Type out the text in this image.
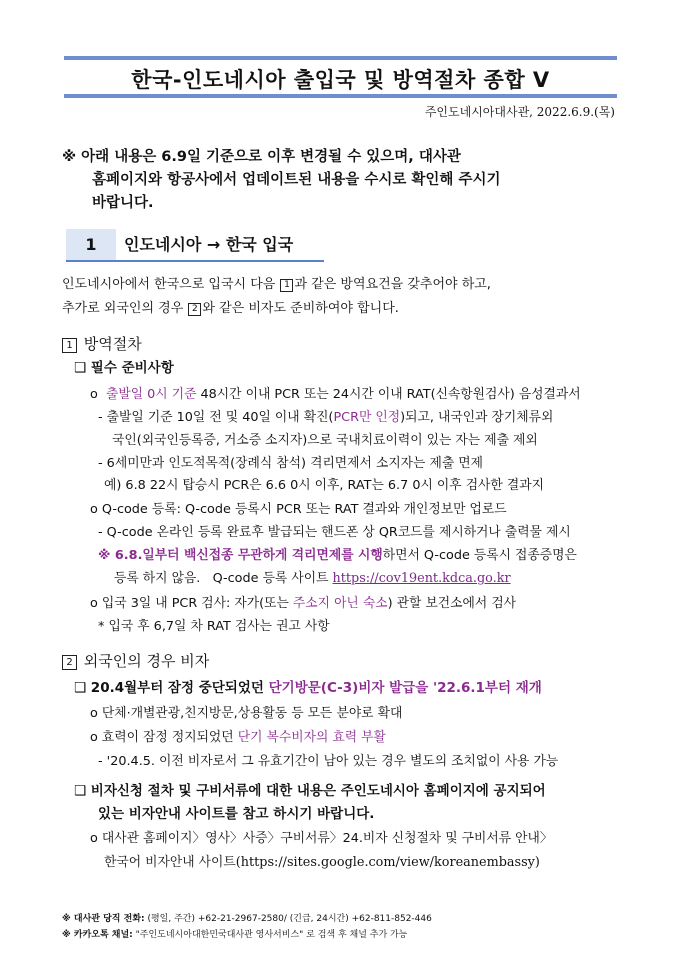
한국-인도네시아 출입국 및 방역절차 종합 V
주인도네시아대사관, 2022.6.9.(목)
※ 아래 내용은 6.9일 기준으로 이후 변경될 수 있으며, 대사관
홈페이지와 항공사에서 업데이트된 내용을 수시로 확인해 주시기
바랍니다.
1	인도네시아 → 한국 입국
인도네시아에서 한국으로 입국시 다음 1 과 같은 방역요건을 갖추어야 하고,
추가로 외국인의 경우 2 와 같은 비자도 준비하여야 합니다.
1 방역절차
❑ 필수 준비사항
o 출발일 0시 기준 48시간 이내 PCR 또는 24시간 이내 RAT(신속항원검사) 음성결과서
- 출발일 기준 10일 전 및 40일 이내 확진(PCR만 인정)되고, 내국인과 장기체류외
국인(외국인등록증, 거소증 소지자)으로 국내치료이력이 있는 자는 제출 제외
- 6세미만과 인도적목적(장례식 참석) 격리면제서 소지자는 제출 면제
예) 6.8 22시 탑승시 PCR은 6.6 0시 이후, RAT는 6.7 0시 이후 검사한 결과지
o Q-code 등록: Q-code 등록시 PCR 또는 RAT 결과와 개인정보만 업로드
- Q-code 온라인 등록 완료후 발급되는 핸드폰 상 QR코드를 제시하거나 출력물 제시
※ 6.8.일부터 백신접종 무관하게 격리면제를 시행하면서 Q-code 등록시 접종증명은
등록 하지 않음. Q-code 등록 사이트 https://cov19ent.kdca.go.kr
o 입국 3일 내 PCR 검사: 자가(또는 주소지 아닌 숙소) 관할 보건소에서 검사
* 입국 후 6,7일 차 RAT 검사는 권고 사항
2 외국인의 경우 비자
❑ 20.4월부터 잠정 중단되었던 단기방문(C-3)비자 발급을 '22.6.1부터 재개
o 단체·개별관광,친지방문,상용활동 등 모든 분야로 확대
o 효력이 잠정 정지되었던 단기 복수비자의 효력 부활
- '20.4.5. 이전 비자로서 그 유효기간이 남아 있는 경우 별도의 조치없이 사용 가능
❑ 비자신청 절차 및 구비서류에 대한 내용은 주인도네시아 홈페이지에 공지되어
있는 비자안내 사이트를 참고 하시기 바랍니다.
o 대사관 홈페이지〉영사〉사증〉구비서류〉24.비자 신청절차 및 구비서류 안내〉
한국어 비자안내 사이트(https://sites.google.com/view/koreanembassy)
※ 대사관 당직 전화: (평일, 주간) +62-21-2967-2580/ (긴급, 24시간) +62-811-852-446
※ 카카오톡 채널: "주인도네시아대한민국대사관 영사서비스" 로 검색 후 채널 추가 가능
